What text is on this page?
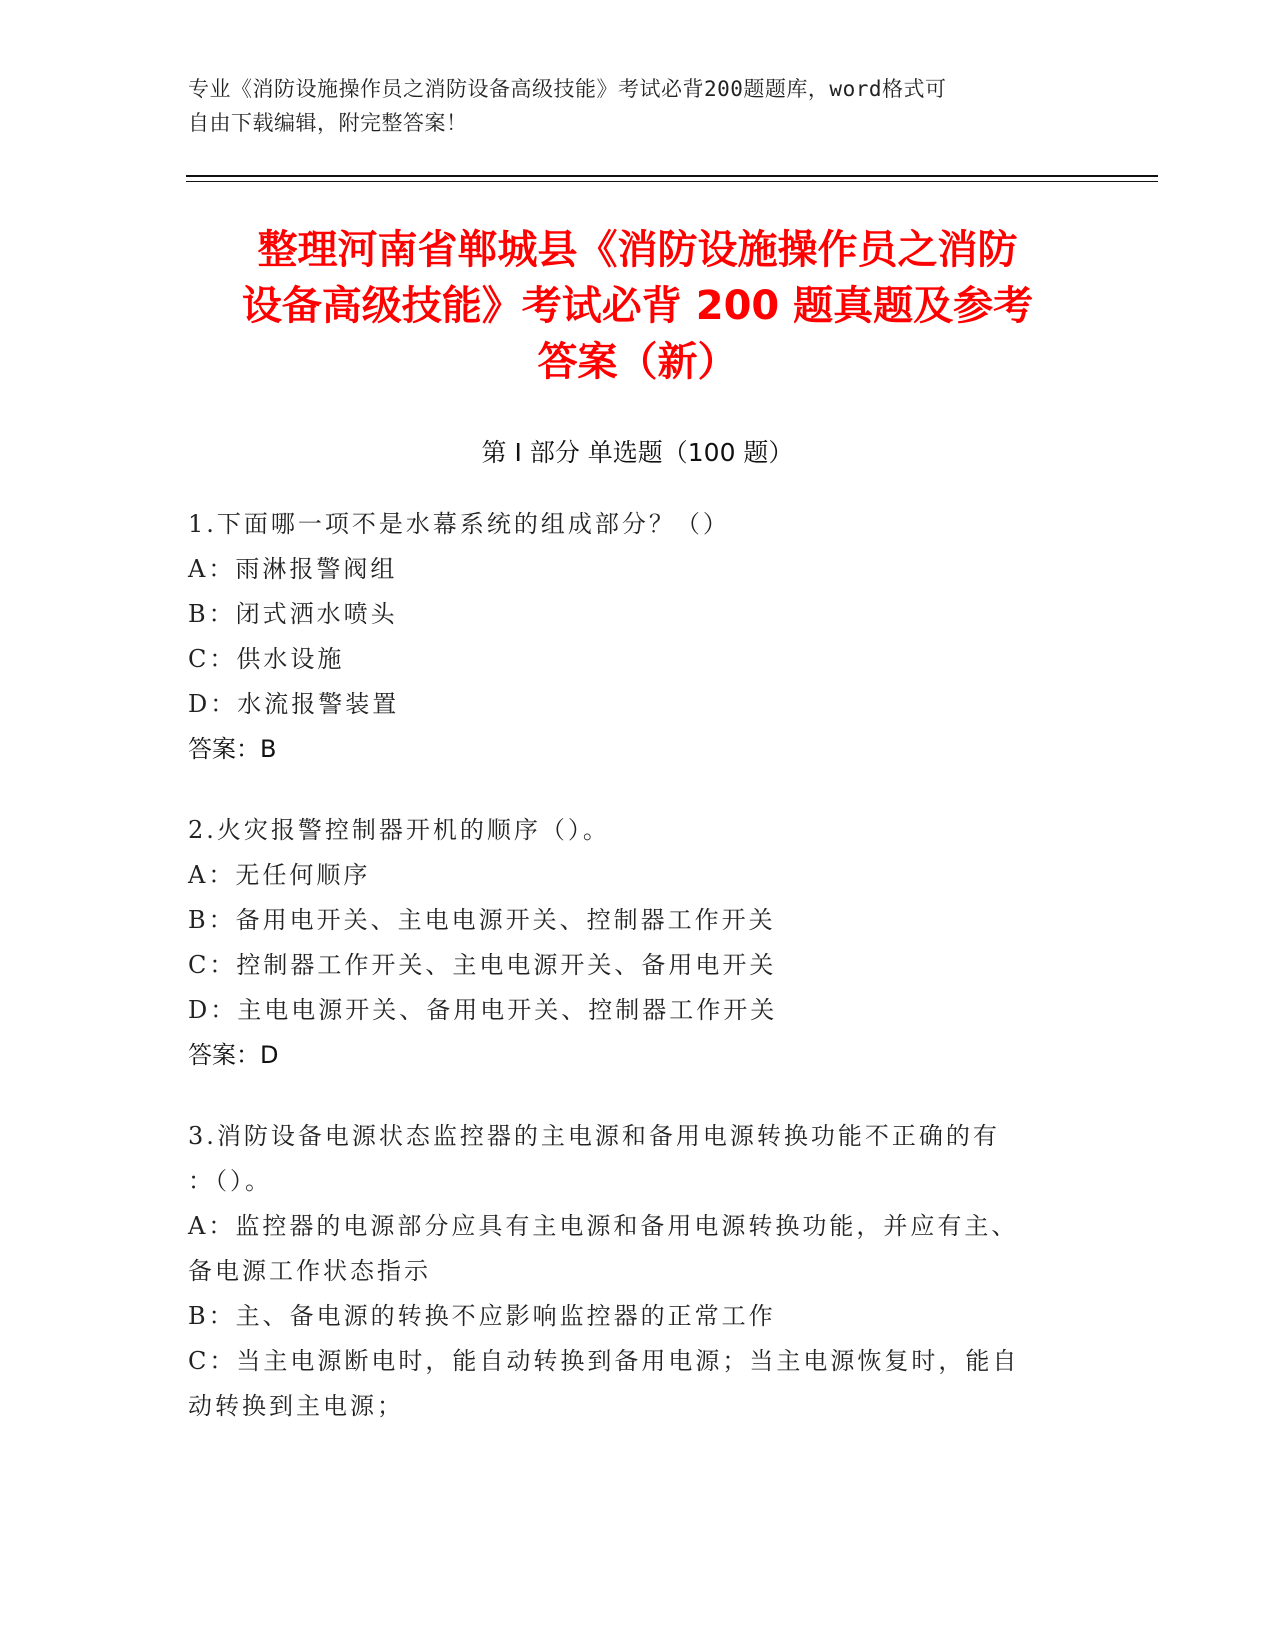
专业《消防设施操作员之消防设备高级技能》考试必背200题题库，word格式可
自由下载编辑，附完整答案！
整理河南省郸城县《消防设施操作员之消防
设备高级技能》考试必背 200 题真题及参考
答案（新）
第 I 部分 单选题（100 题）
1.下面哪一项不是水幕系统的组成部分？（）
A：雨淋报警阀组
B：闭式洒水喷头
C：供水设施
D：水流报警装置
答案：B
2.火灾报警控制器开机的顺序（）。
A：无任何顺序
B：备用电开关、主电电源开关、控制器工作开关
C：控制器工作开关、主电电源开关、备用电开关
D：主电电源开关、备用电开关、控制器工作开关
答案：D
3.消防设备电源状态监控器的主电源和备用电源转换功能不正确的有
：（）。
A：监控器的电源部分应具有主电源和备用电源转换功能，并应有主、
备电源工作状态指示
B：主、备电源的转换不应影响监控器的正常工作
C：当主电源断电时，能自动转换到备用电源；当主电源恢复时，能自
动转换到主电源；
